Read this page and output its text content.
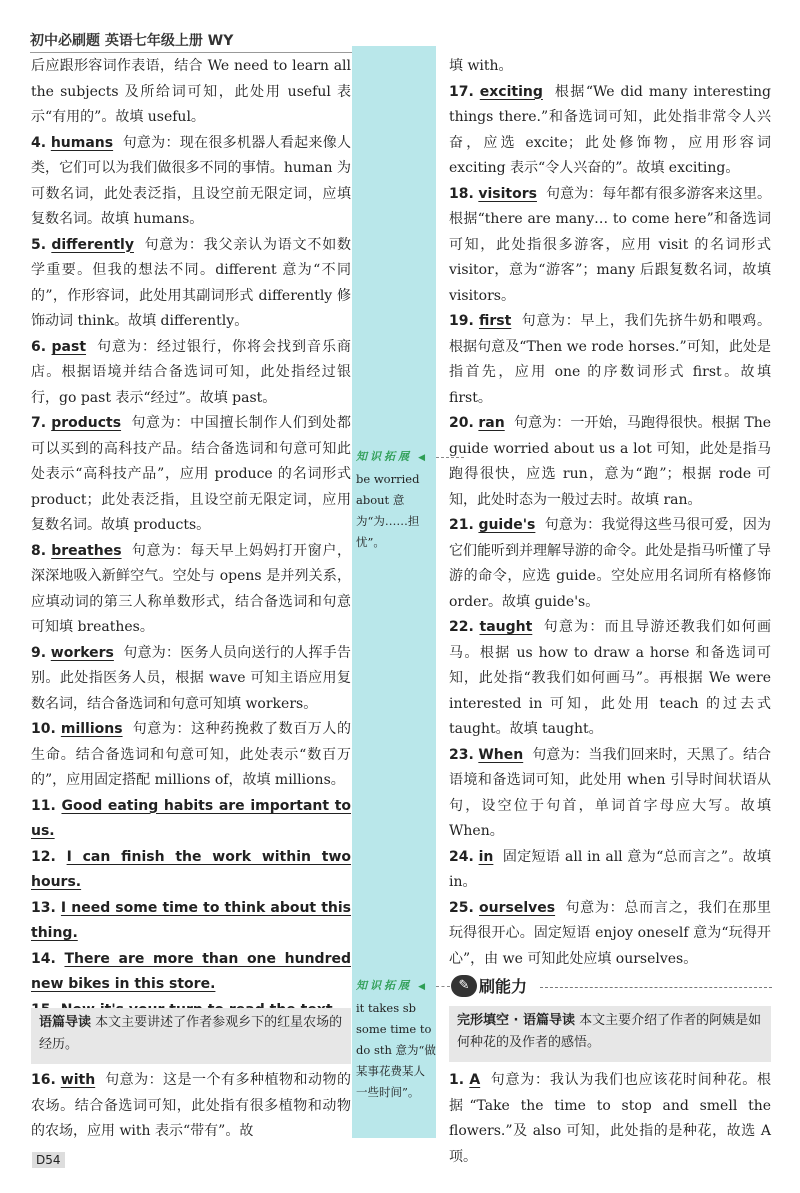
初中必刷题 英语七年级上册 WY
后应跟形容词作表语，结合 We need to learn all the subjects 及所给词可知，此处用 useful 表示“有用的”。故填 useful。
4. humans 句意为：现在很多机器人看起来像人类，它们可以为我们做很多不同的事情。human 为可数名词，此处表泛指，且设空前无限定词，应填复数名词。故填 humans。
5. differently 句意为：我父亲认为语文不如数学重要。但我的想法不同。different 意为“不同的”，作形容词，此处用其副词形式 differently 修饰动词 think。故填 differently。
6. past 句意为：经过银行，你将会找到音乐商店。根据语境并结合备选词可知，此处指经过银行，go past 表示“经过”。故填 past。
7. products 句意为：中国擅长制作人们到处都可以买到的高科技产品。结合备选词和句意可知此处表示“高科技产品”，应用 produce 的名词形式 product；此处表泛指，且设空前无限定词，应用复数名词。故填 products。
8. breathes 句意为：每天早上妈妈打开窗户，深深地吸入新鲜空气。空处与 opens 是并列关系，应填动词的第三人称单数形式，结合备选词和句意可知填 breathes。
9. workers 句意为：医务人员向送行的人挥手告别。此处指医务人员，根据 wave 可知主语应用复数名词，结合备选词和句意可知填 workers。
10. millions 句意为：这种药挽救了数百万人的生命。结合备选词和句意可知，此处表示“数百万的”，应用固定搭配 millions of，故填 millions。
11. Good eating habits are important to us.
12. I can finish the work within two hours.
13. I need some time to think about this thing.
14. There are more than one hundred new bikes in this store.
语篇导读 本文主要讲述了作者参观乡下的红星农场的经历。
16. with 句意为：这是一个有多种植物和动物的农场。结合备选词可知，此处指有很多植物和动物的农场，应用 with 表示“带有”。故
知识拓展 ◀
be worried about 意为“为……担忧”。
知识拓展 ◀
it takes sb some time to do sth 意为“做某事花费某人一些时间”。
填 with。
17. exciting 根据“We did many interesting things there.”和备选词可知，此处指非常令人兴奋，应选 excite；此处修饰物，应用形容词 exciting 表示“令人兴奋的”。故填 exciting。
18. visitors 句意为：每年都有很多游客来这里。根据“there are many… to come here”和备选词可知，此处指很多游客，应用 visit 的名词形式 visitor，意为“游客”；many 后跟复数名词，故填 visitors。
19. first 句意为：早上，我们先挤牛奶和喂鸡。根据句意及“Then we rode horses.”可知，此处是指首先，应用 one 的序数词形式 first。故填 first。
20. ran 句意为：一开始，马跑得很快。根据 The guide worried about us a lot 可知，此处是指马跑得很快，应选 run，意为“跑”；根据 rode 可知，此处时态为一般过去时。故填 ran。
21. guide's 句意为：我觉得这些马很可爱，因为它们能听到并理解导游的命令。此处是指马听懂了导游的命令，应选 guide。空处应用名词所有格修饰 order。故填 guide's。
22. taught 句意为：而且导游还教我们如何画马。根据 us how to draw a horse 和备选词可知，此处指“教我们如何画马”。再根据 We were interested in 可知，此处用 teach 的过去式 taught。故填 taught。
23. When 句意为：当我们回来时，天黑了。结合语境和备选词可知，此处用 when 引导时间状语从句，设空位于句首，单词首字母应大写。故填 When。
24. in 固定短语 all in all 意为“总而言之”。故填 in。
25. ourselves 句意为：总而言之，我们在那里玩得很开心。固定短语 enjoy oneself 意为“玩得开心”，由 we 可知此处应填 ourselves。
✎ 刷能力
完形填空 · 语篇导读 本文主要介绍了作者的阿姨是如何种花的及作者的感悟。
1. A 句意为：我认为我们也应该花时间种花。根据“Take the time to stop and smell the flowers.”及 also 可知，此处指的是种花，故选 A 项。
D54
